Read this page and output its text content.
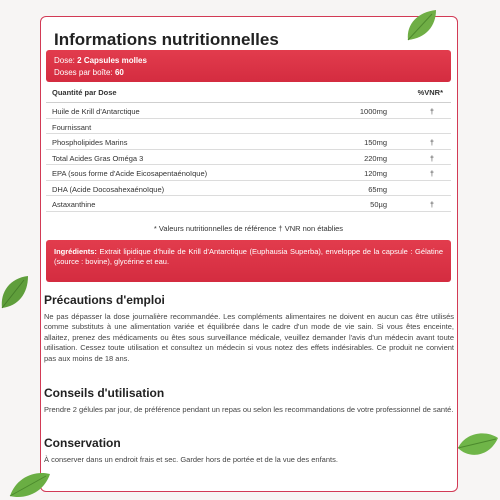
Informations nutritionnelles
Dose: 2 Capsules molles
Doses par boîte: 60
Quantité par Dose	%VNR*
Huile de Krill d'Antarctique	1000mg	†
Fournissant
Phospholipides Marins	150mg	†
Total Acides Gras Oméga 3	220mg	†
EPA (sous forme d'Acide Eicosapentaénoïque)	120mg	†
DHA (Acide Docosahexaénoïque)	65mg
Astaxanthine	50µg	†
* Valeurs nutritionnelles de référence † VNR non établies
Ingrédients: Extrait lipidique d'huile de Krill d'Antarctique (Euphausia Superba), enveloppe de la capsule : Gélatine (source : bovine), glycérine et eau.
Précautions d'emploi
Ne pas dépasser la dose journalière recommandée. Les compléments alimentaires ne doivent en aucun cas être utilisés comme substituts à une alimentation variée et équilibrée dans le cadre d'un mode de vie sain. Si vous êtes enceinte, allaitez, prenez des médicaments ou êtes sous surveillance médicale, veuillez demander l'avis d'un médecin avant toute utilisation. Cessez toute utilisation et consultez un médecin si vous notez des effets indésirables. Ce produit ne convient pas aux moins de 18 ans.
Conseils d'utilisation
Prendre 2 gélules par jour, de préférence pendant un repas ou selon les recommandations de votre professionnel de santé.
Conservation
À conserver dans un endroit frais et sec. Garder hors de portée et de la vue des enfants.
